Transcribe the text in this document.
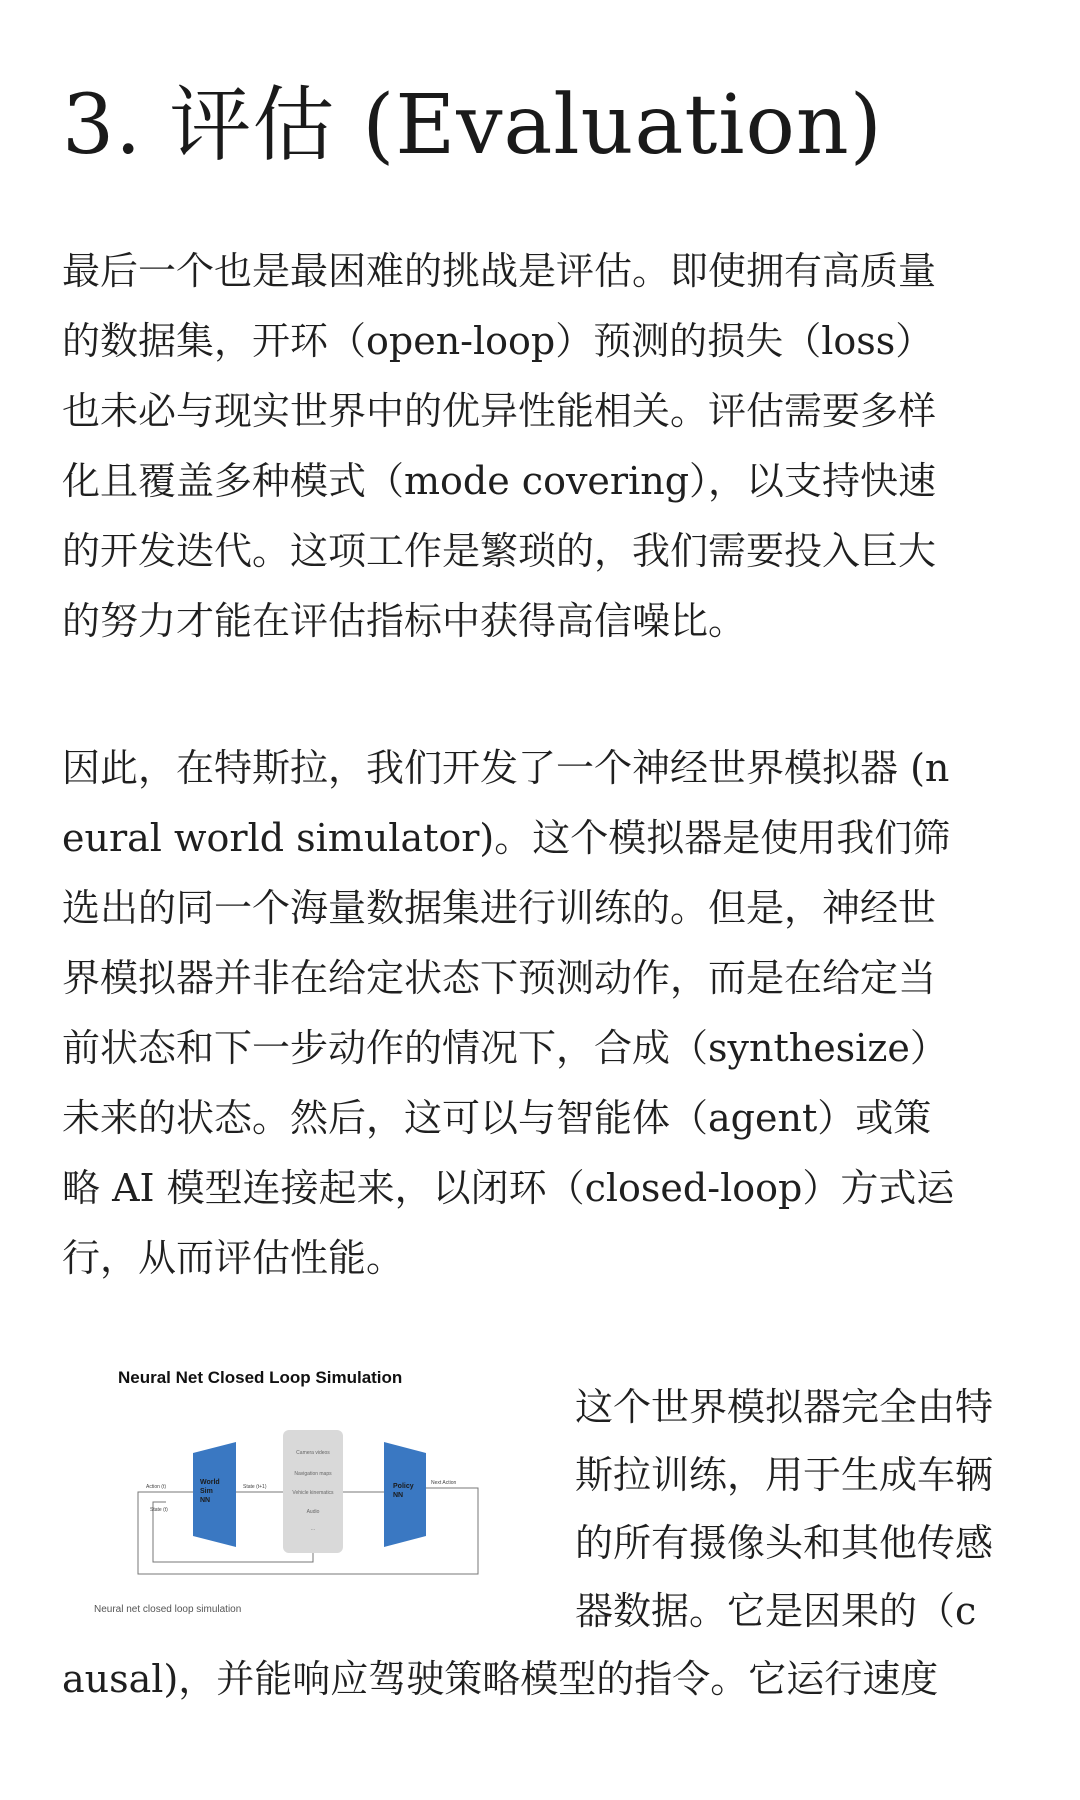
3. 评估 (Evaluation)

最后一个也是最困难的挑战是评估。即使拥有高质量
的数据集，开环（open-loop）预测的损失（loss）
也未必与现实世界中的优异性能相关。评估需要多样
化且覆盖多种模式（mode covering），以支持快速
的开发迭代。这项工作是繁琐的，我们需要投入巨大
的努力才能在评估指标中获得高信噪比。

因此，在特斯拉，我们开发了一个神经世界模拟器 (n
eural world simulator)。这个模拟器是使用我们筛
选出的同一个海量数据集进行训练的。但是，神经世
界模拟器并非在给定状态下预测动作，而是在给定当
前状态和下一步动作的情况下，合成（synthesize）
未来的状态。然后，这可以与智能体（agent）或策
略 AI 模型连接起来，以闭环（closed-loop）方式运
行，从而评估性能。

Neural Net Closed Loop Simulation
World
Sim
NN
Action (t)
State (t)
State (t+1)
Camera videos
Navigation maps
Vehicle kinematics
Audio
...
Policy
NN
Next Action
Neural net closed loop simulation
这个世界模拟器完全由特
斯拉训练，用于生成车辆
的所有摄像头和其他传感
器数据。它是因果的（c
ausal)，并能响应驾驶策略模型的指令。它运行速度
